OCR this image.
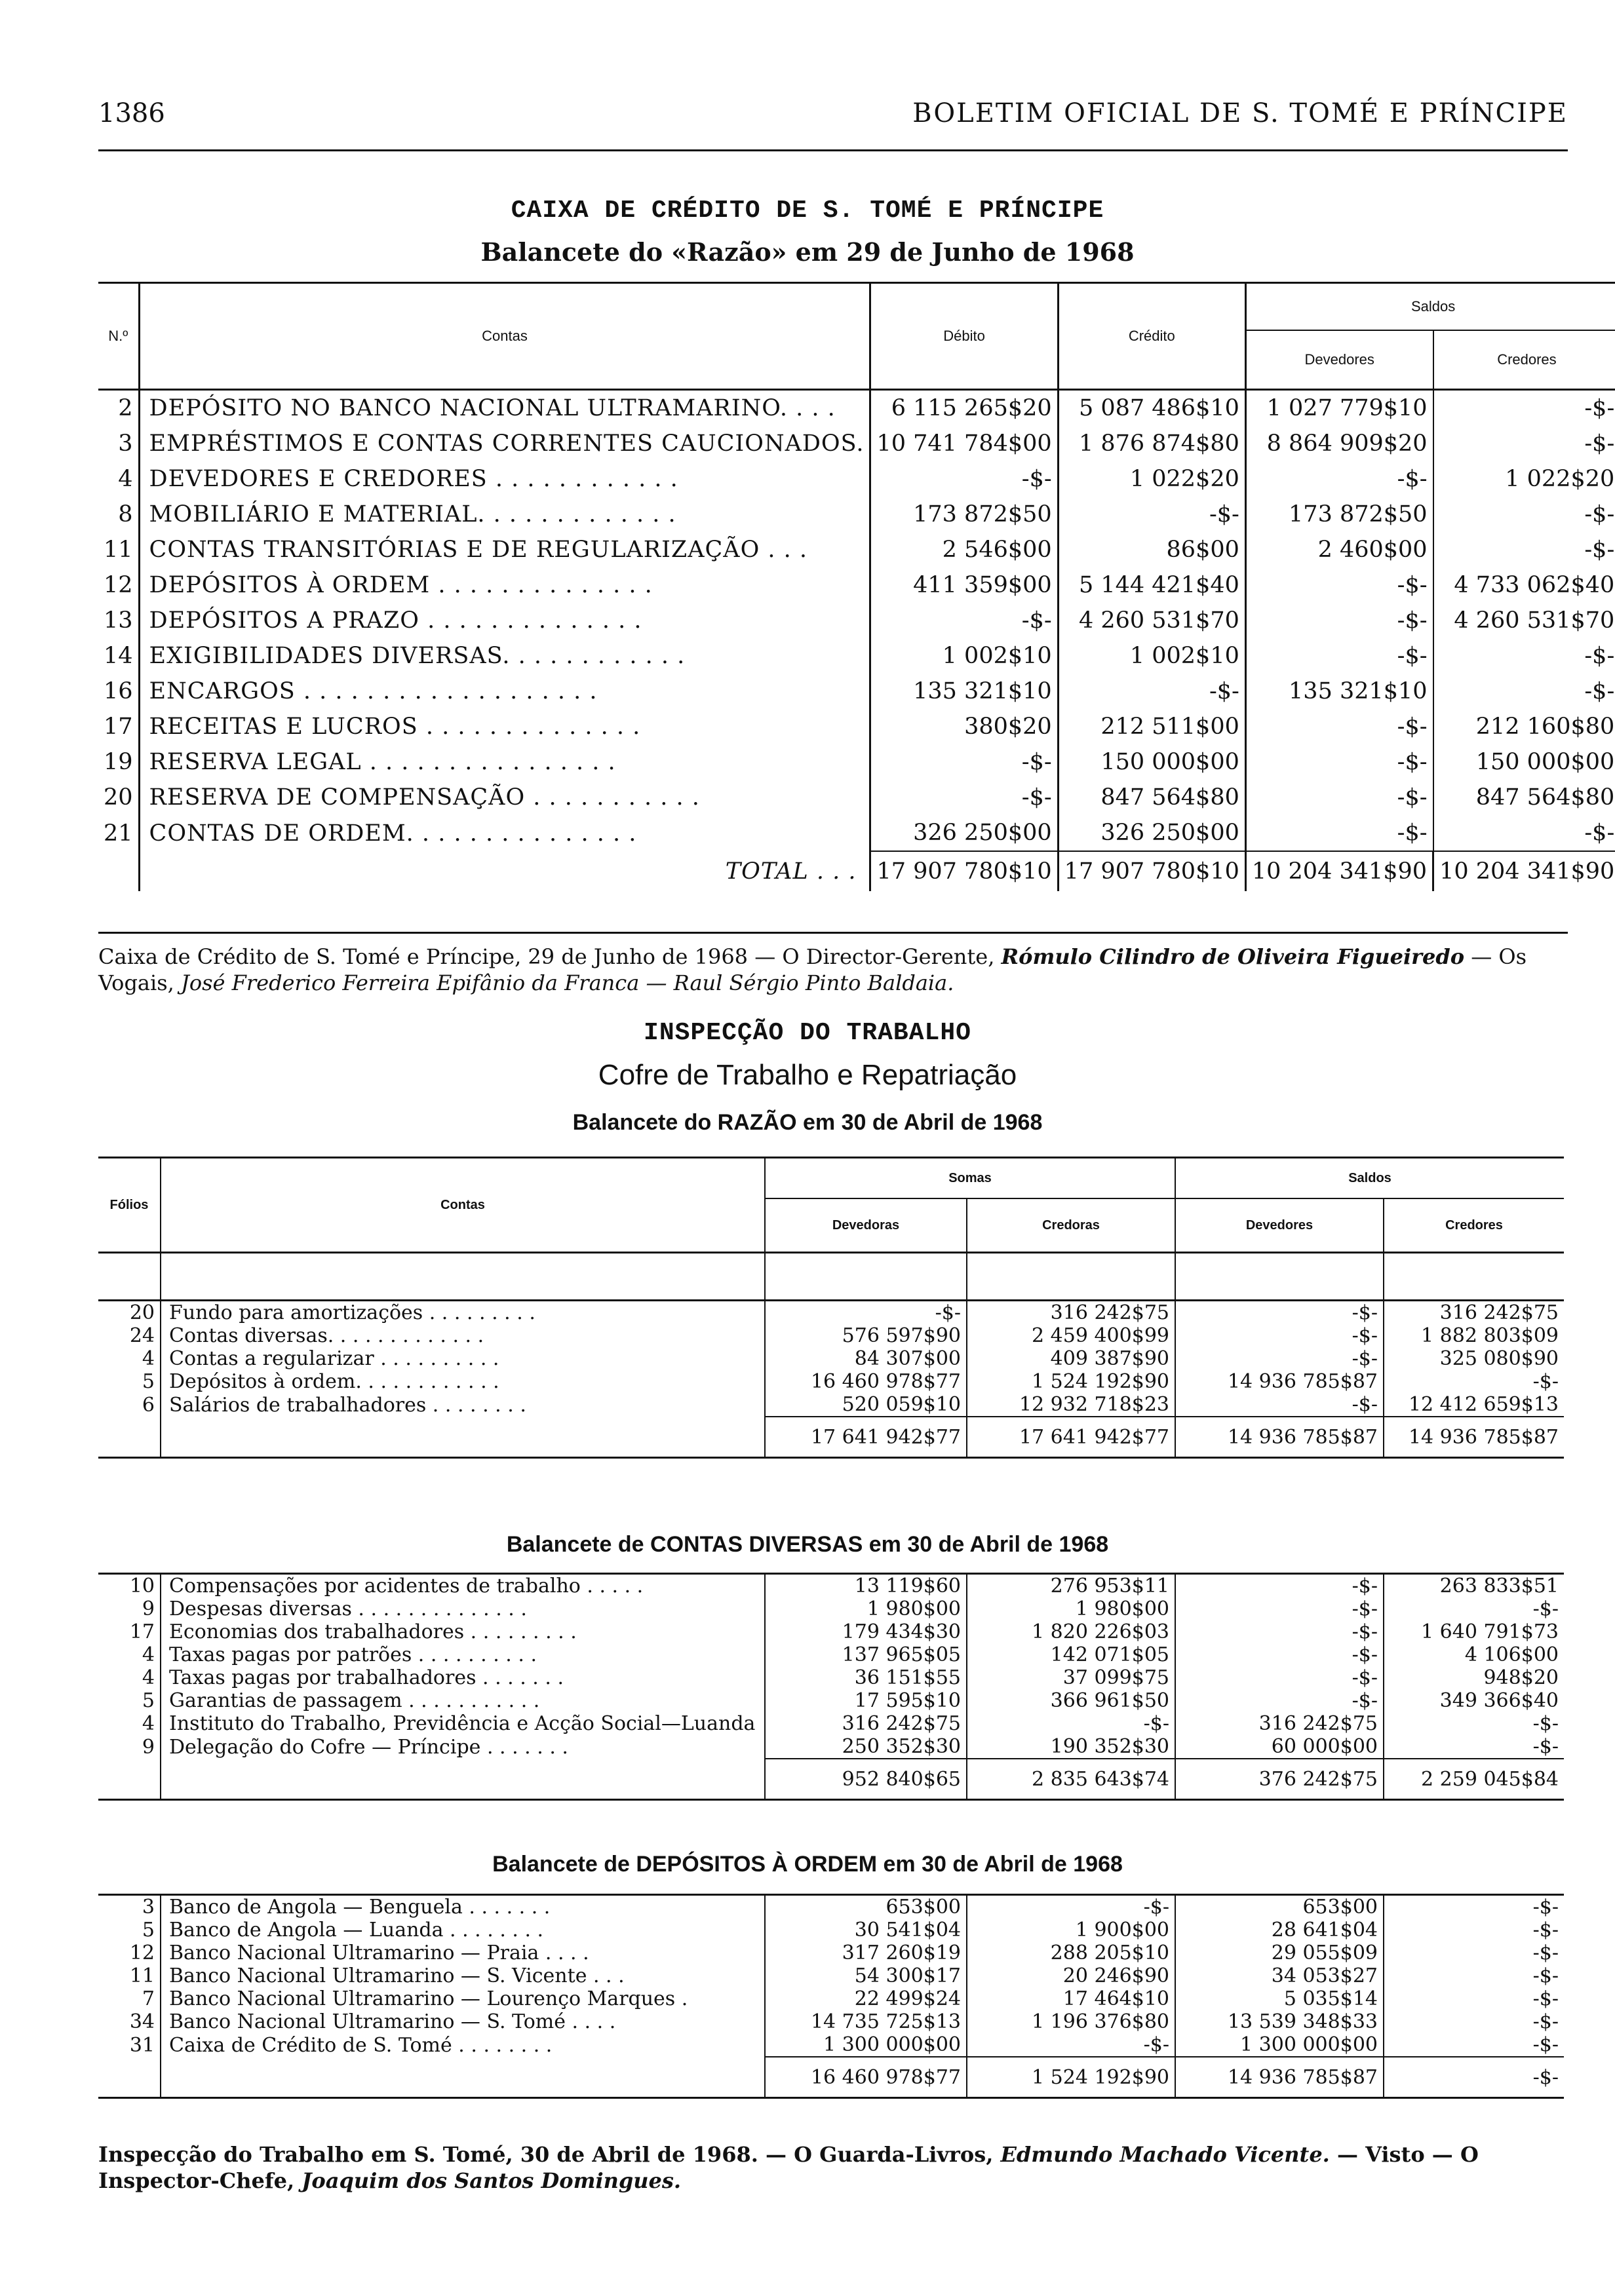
1386	BOLETIM OFICIAL DE S. TOMÉ E PRÍNCIPE
CAIXA DE CRÉDITO DE S. TOMÉ E PRÍNCIPE
Balancete do «Razão» em 29 de Junho de 1968
N.º	Contas	Débito	Crédito	Saldos	
				Devedores	Credores
2	DEPÓSITO NO BANCO NACIONAL ULTRAMARINO. . . .	6 115 265$20	5 087 486$10	1 027 779$10	-$-
3	EMPRÉSTIMOS E CONTAS CORRENTES CAUCIONADOS.	10 741 784$00	1 876 874$80	8 864 909$20	-$-
4	DEVEDORES E CREDORES . . . . . . . . . . . .	-$-	1 022$20	-$-	1 022$20
8	MOBILIÁRIO E MATERIAL. . . . . . . . . . . . .	173 872$50	-$-	173 872$50	-$-
11	CONTAS TRANSITÓRIAS E DE REGULARIZAÇÃO . . .	2 546$00	86$00	2 460$00	-$-
12	DEPÓSITOS À ORDEM . . . . . . . . . . . . . .	411 359$00	5 144 421$40	-$-	4 733 062$40
13	DEPÓSITOS A PRAZO . . . . . . . . . . . . . .	-$-	4 260 531$70	-$-	4 260 531$70
14	EXIGIBILIDADES DIVERSAS. . . . . . . . . . . .	1 002$10	1 002$10	-$-	-$-
16	ENCARGOS . . . . . . . . . . . . . . . . . . .	135 321$10	-$-	135 321$10	-$-
17	RECEITAS E LUCROS . . . . . . . . . . . . . .	380$20	212 511$00	-$-	212 160$80
19	RESERVA LEGAL . . . . . . . . . . . . . . . .	-$-	150 000$00	-$-	150 000$00
20	RESERVA DE COMPENSAÇÃO . . . . . . . . . . .	-$-	847 564$80	-$-	847 564$80
21	CONTAS DE ORDEM. . . . . . . . . . . . . . .	326 250$00	326 250$00	-$-	-$-
	TOTAL . . .	17 907 780$10	17 907 780$10	10 204 341$90	10 204 341$90
Caixa de Crédito de S. Tomé e Príncipe, 29 de Junho de 1968 — O Director-Gerente, Rómulo Cilindro de Oliveira Figueiredo — Os Vogais, José Frederico Ferreira Epifânio da Franca — Raul Sérgio Pinto Baldaia.
INSPECÇÃO DO TRABALHO
Cofre de Trabalho e Repatriação
Balancete do RAZÃO em 30 de Abril de 1968
Fólios	Contas	Somas		Saldos	
		Devedoras	Credoras	Devedores	Credores

20	Fundo para amortizações . . . . . . . . .	-$-	316 242$75	-$-	316 242$75
24	Contas diversas. . . . . . . . . . . . .	576 597$90	2 459 400$99	-$-	1 882 803$09
4	Contas a regularizar . . . . . . . . . .	84 307$00	409 387$90	-$-	325 080$90
5	Depósitos à ordem. . . . . . . . . . . .	16 460 978$77	1 524 192$90	14 936 785$87	-$-
6	Salários de trabalhadores . . . . . . . .	520 059$10	12 932 718$23	-$-	12 412 659$13
		17 641 942$77	17 641 942$77	14 936 785$87	14 936 785$87
Balancete de CONTAS DIVERSAS em 30 de Abril de 1968
10	Compensações por acidentes de trabalho . . . . .	13 119$60	276 953$11	-$-	263 833$51
9	Despesas diversas . . . . . . . . . . . . . .	1 980$00	1 980$00	-$-	-$-
17	Economias dos trabalhadores . . . . . . . . .	179 434$30	1 820 226$03	-$-	1 640 791$73
4	Taxas pagas por patrões . . . . . . . . . .	137 965$05	142 071$05	-$-	4 106$00
4	Taxas pagas por trabalhadores . . . . . . .	36 151$55	37 099$75	-$-	948$20
5	Garantias de passagem . . . . . . . . . . .	17 595$10	366 961$50	-$-	349 366$40
4	Instituto do Trabalho, Previdência e Acção Social—Luanda	316 242$75	-$-	316 242$75	-$-
9	Delegação do Cofre — Príncipe . . . . . . .	250 352$30	190 352$30	60 000$00	-$-
		952 840$65	2 835 643$74	376 242$75	2 259 045$84
Balancete de DEPÓSITOS À ORDEM em 30 de Abril de 1968
3	Banco de Angola — Benguela . . . . . . .	653$00	-$-	653$00	-$-
5	Banco de Angola — Luanda . . . . . . . .	30 541$04	1 900$00	28 641$04	-$-
12	Banco Nacional Ultramarino — Praia . . . .	317 260$19	288 205$10	29 055$09	-$-
11	Banco Nacional Ultramarino — S. Vicente . . .	54 300$17	20 246$90	34 053$27	-$-
7	Banco Nacional Ultramarino — Lourenço Marques .	22 499$24	17 464$10	5 035$14	-$-
34	Banco Nacional Ultramarino — S. Tomé . . . .	14 735 725$13	1 196 376$80	13 539 348$33	-$-
31	Caixa de Crédito de S. Tomé . . . . . . . .	1 300 000$00	-$-	1 300 000$00	-$-
		16 460 978$77	1 524 192$90	14 936 785$87	-$-
Inspecção do Trabalho em S. Tomé, 30 de Abril de 1968. — O Guarda-Livros, Edmundo Machado Vicente. — Visto — O Inspector-Chefe, Joaquim dos Santos Domingues.
